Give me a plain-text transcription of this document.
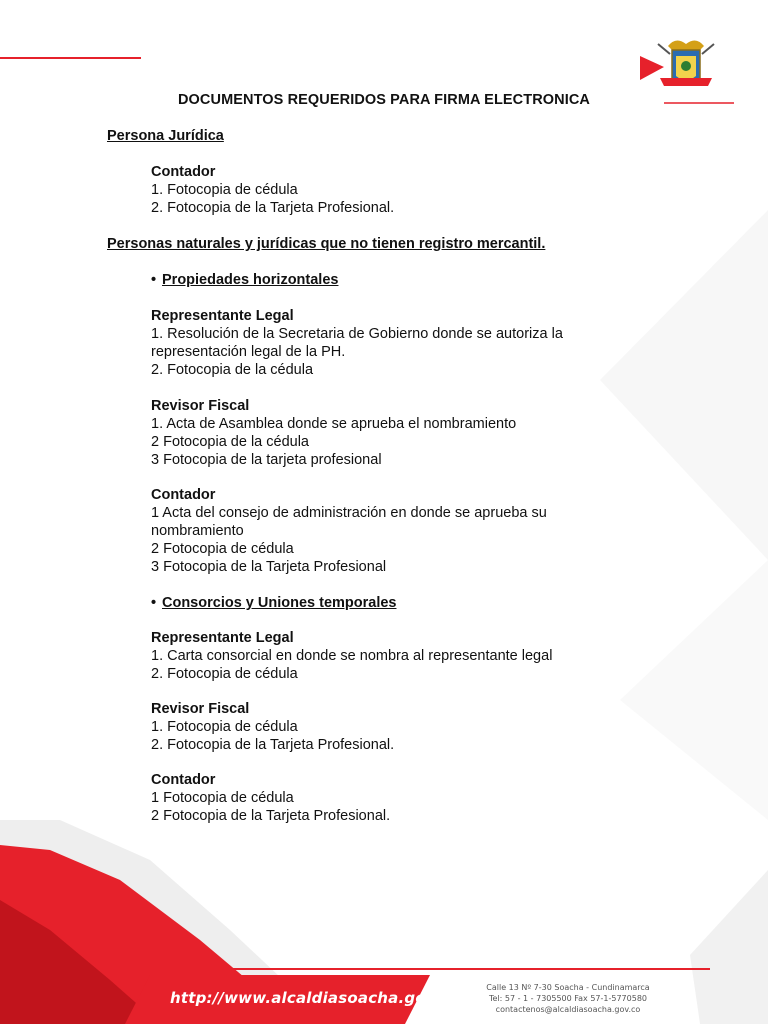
DOCUMENTOS REQUERIDOS PARA FIRMA ELECTRONICA
Persona Jurídica
Contador
1. Fotocopia de cédula
2. Fotocopia de la Tarjeta Profesional.
Personas naturales y jurídicas que no tienen registro mercantil.
• Propiedades horizontales
Representante Legal
1. Resolución de la Secretaria de Gobierno donde se autoriza la
representación legal de la PH.
2. Fotocopia de la cédula
Revisor Fiscal
1. Acta de Asamblea donde se aprueba el nombramiento
2 Fotocopia de la cédula
3 Fotocopia de la tarjeta profesional
Contador
1 Acta del consejo de administración en donde se aprueba su
nombramiento
2 Fotocopia de cédula
3 Fotocopia de la Tarjeta Profesional
• Consorcios y Uniones temporales
Representante Legal
1. Carta consorcial en donde se nombra al representante legal
2. Fotocopia de cédula
Revisor Fiscal
1. Fotocopia de cédula
2. Fotocopia de la Tarjeta Profesional.
Contador
1 Fotocopia de cédula
2 Fotocopia de la Tarjeta Profesional.
http://www.alcaldiasoacha.gov.co/
Calle 13 Nº 7-30 Soacha - Cundinamarca
Tel: 57 - 1 - 7305500 Fax 57-1-5770580
contactenos@alcaldiasoacha.gov.co
